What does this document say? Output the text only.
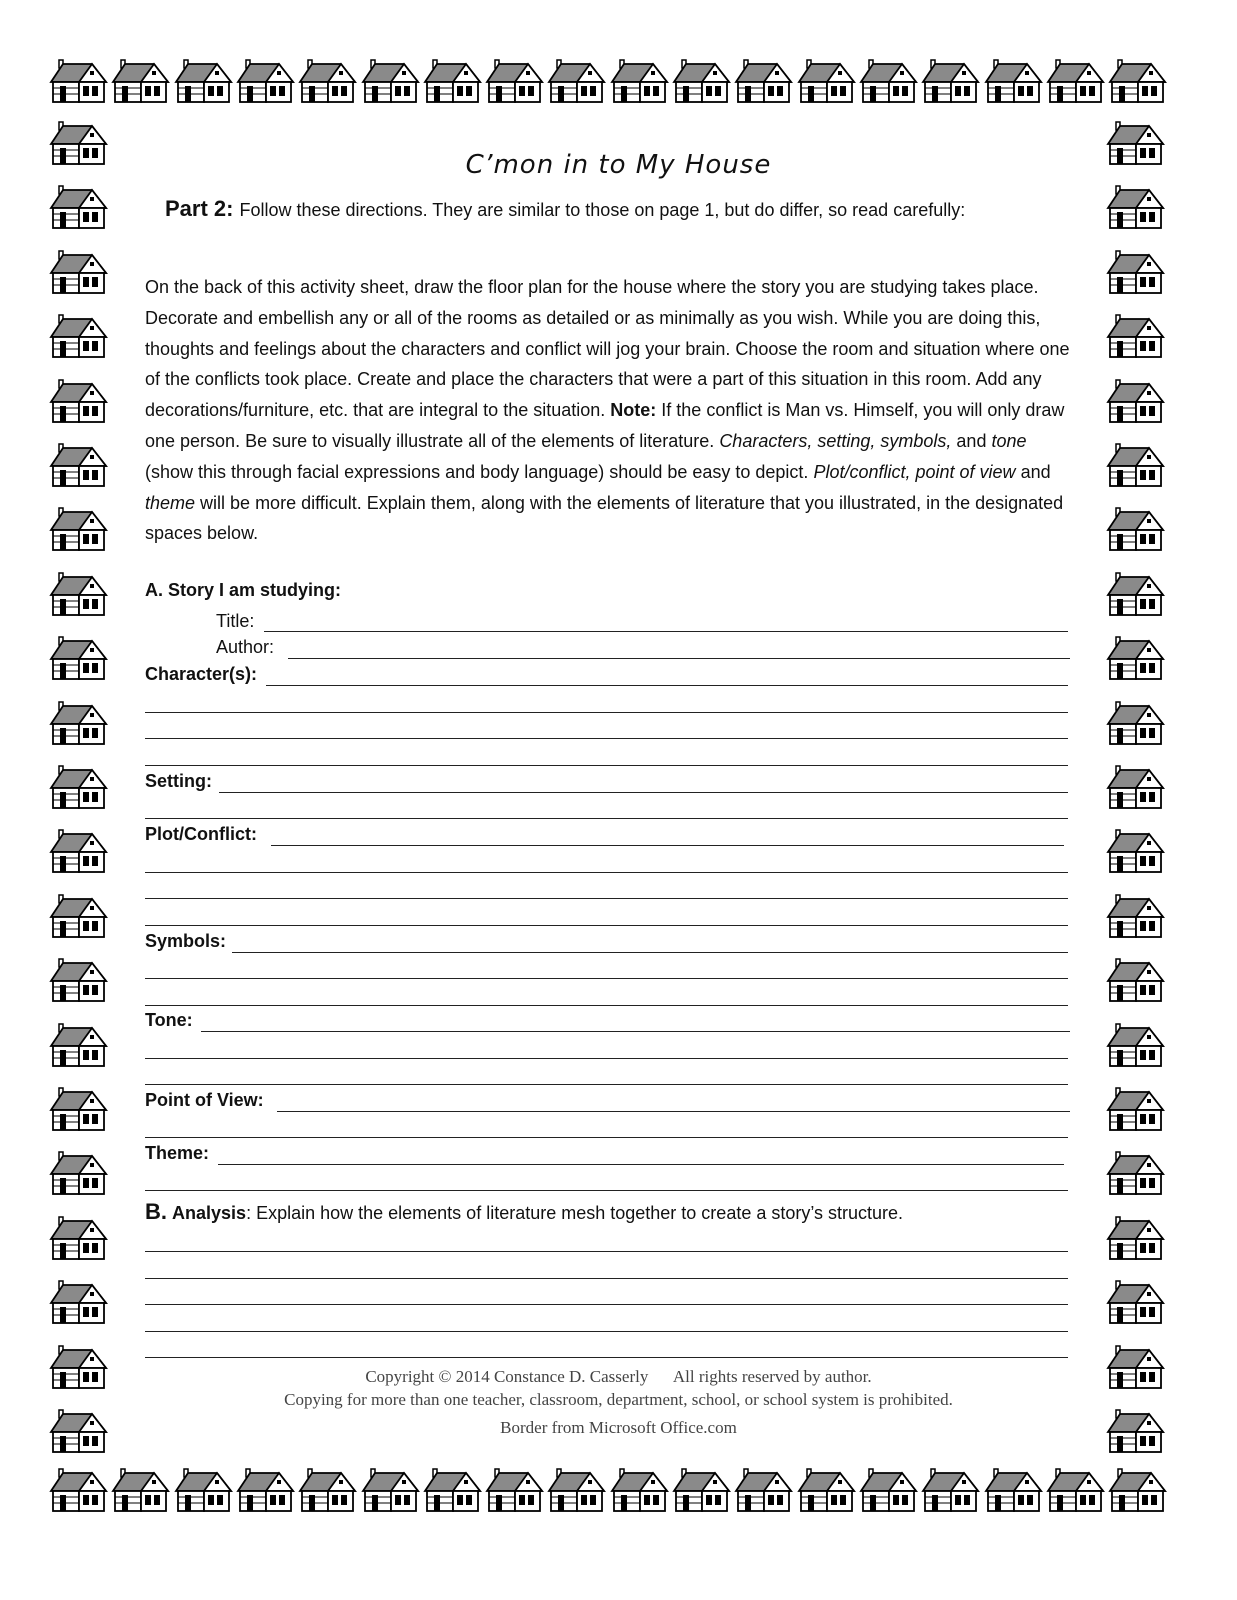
C’mon in to My House
Part 2: Follow these directions. They are similar to those on page 1, but do differ, so read carefully:

On the back of this activity sheet, draw the floor plan for the house where the story you are studying takes place. Decorate and embellish any or all of the rooms as detailed or as minimally as you wish. While you are doing this, thoughts and feelings about the characters and conflict will jog your brain. Choose the room and situation where one of the conflicts took place. Create and place the characters that were a part of this situation in this room. Add any decorations/furniture, etc. that are integral to the situation. Note: If the conflict is Man vs. Himself, you will only draw one person. Be sure to visually illustrate all of the elements of literature. Characters, setting, symbols, and tone (show this through facial expressions and body language) should be easy to depict. Plot/conflict, point of view and theme will be more difficult. Explain them, along with the elements of literature that you illustrated, in the designated spaces below.

A. Story I am studying:
Title:
Author:
Character(s):
Setting:
Plot/Conflict:
Symbols:
Tone:
Point of View:
Theme:
B. Analysis: Explain how the elements of literature mesh together to create a story’s structure.
Copyright © 2014 Constance D. Casserly      All rights reserved by author.
Copying for more than one teacher, classroom, department, school, or school system is prohibited.
Border from Microsoft Office.com
